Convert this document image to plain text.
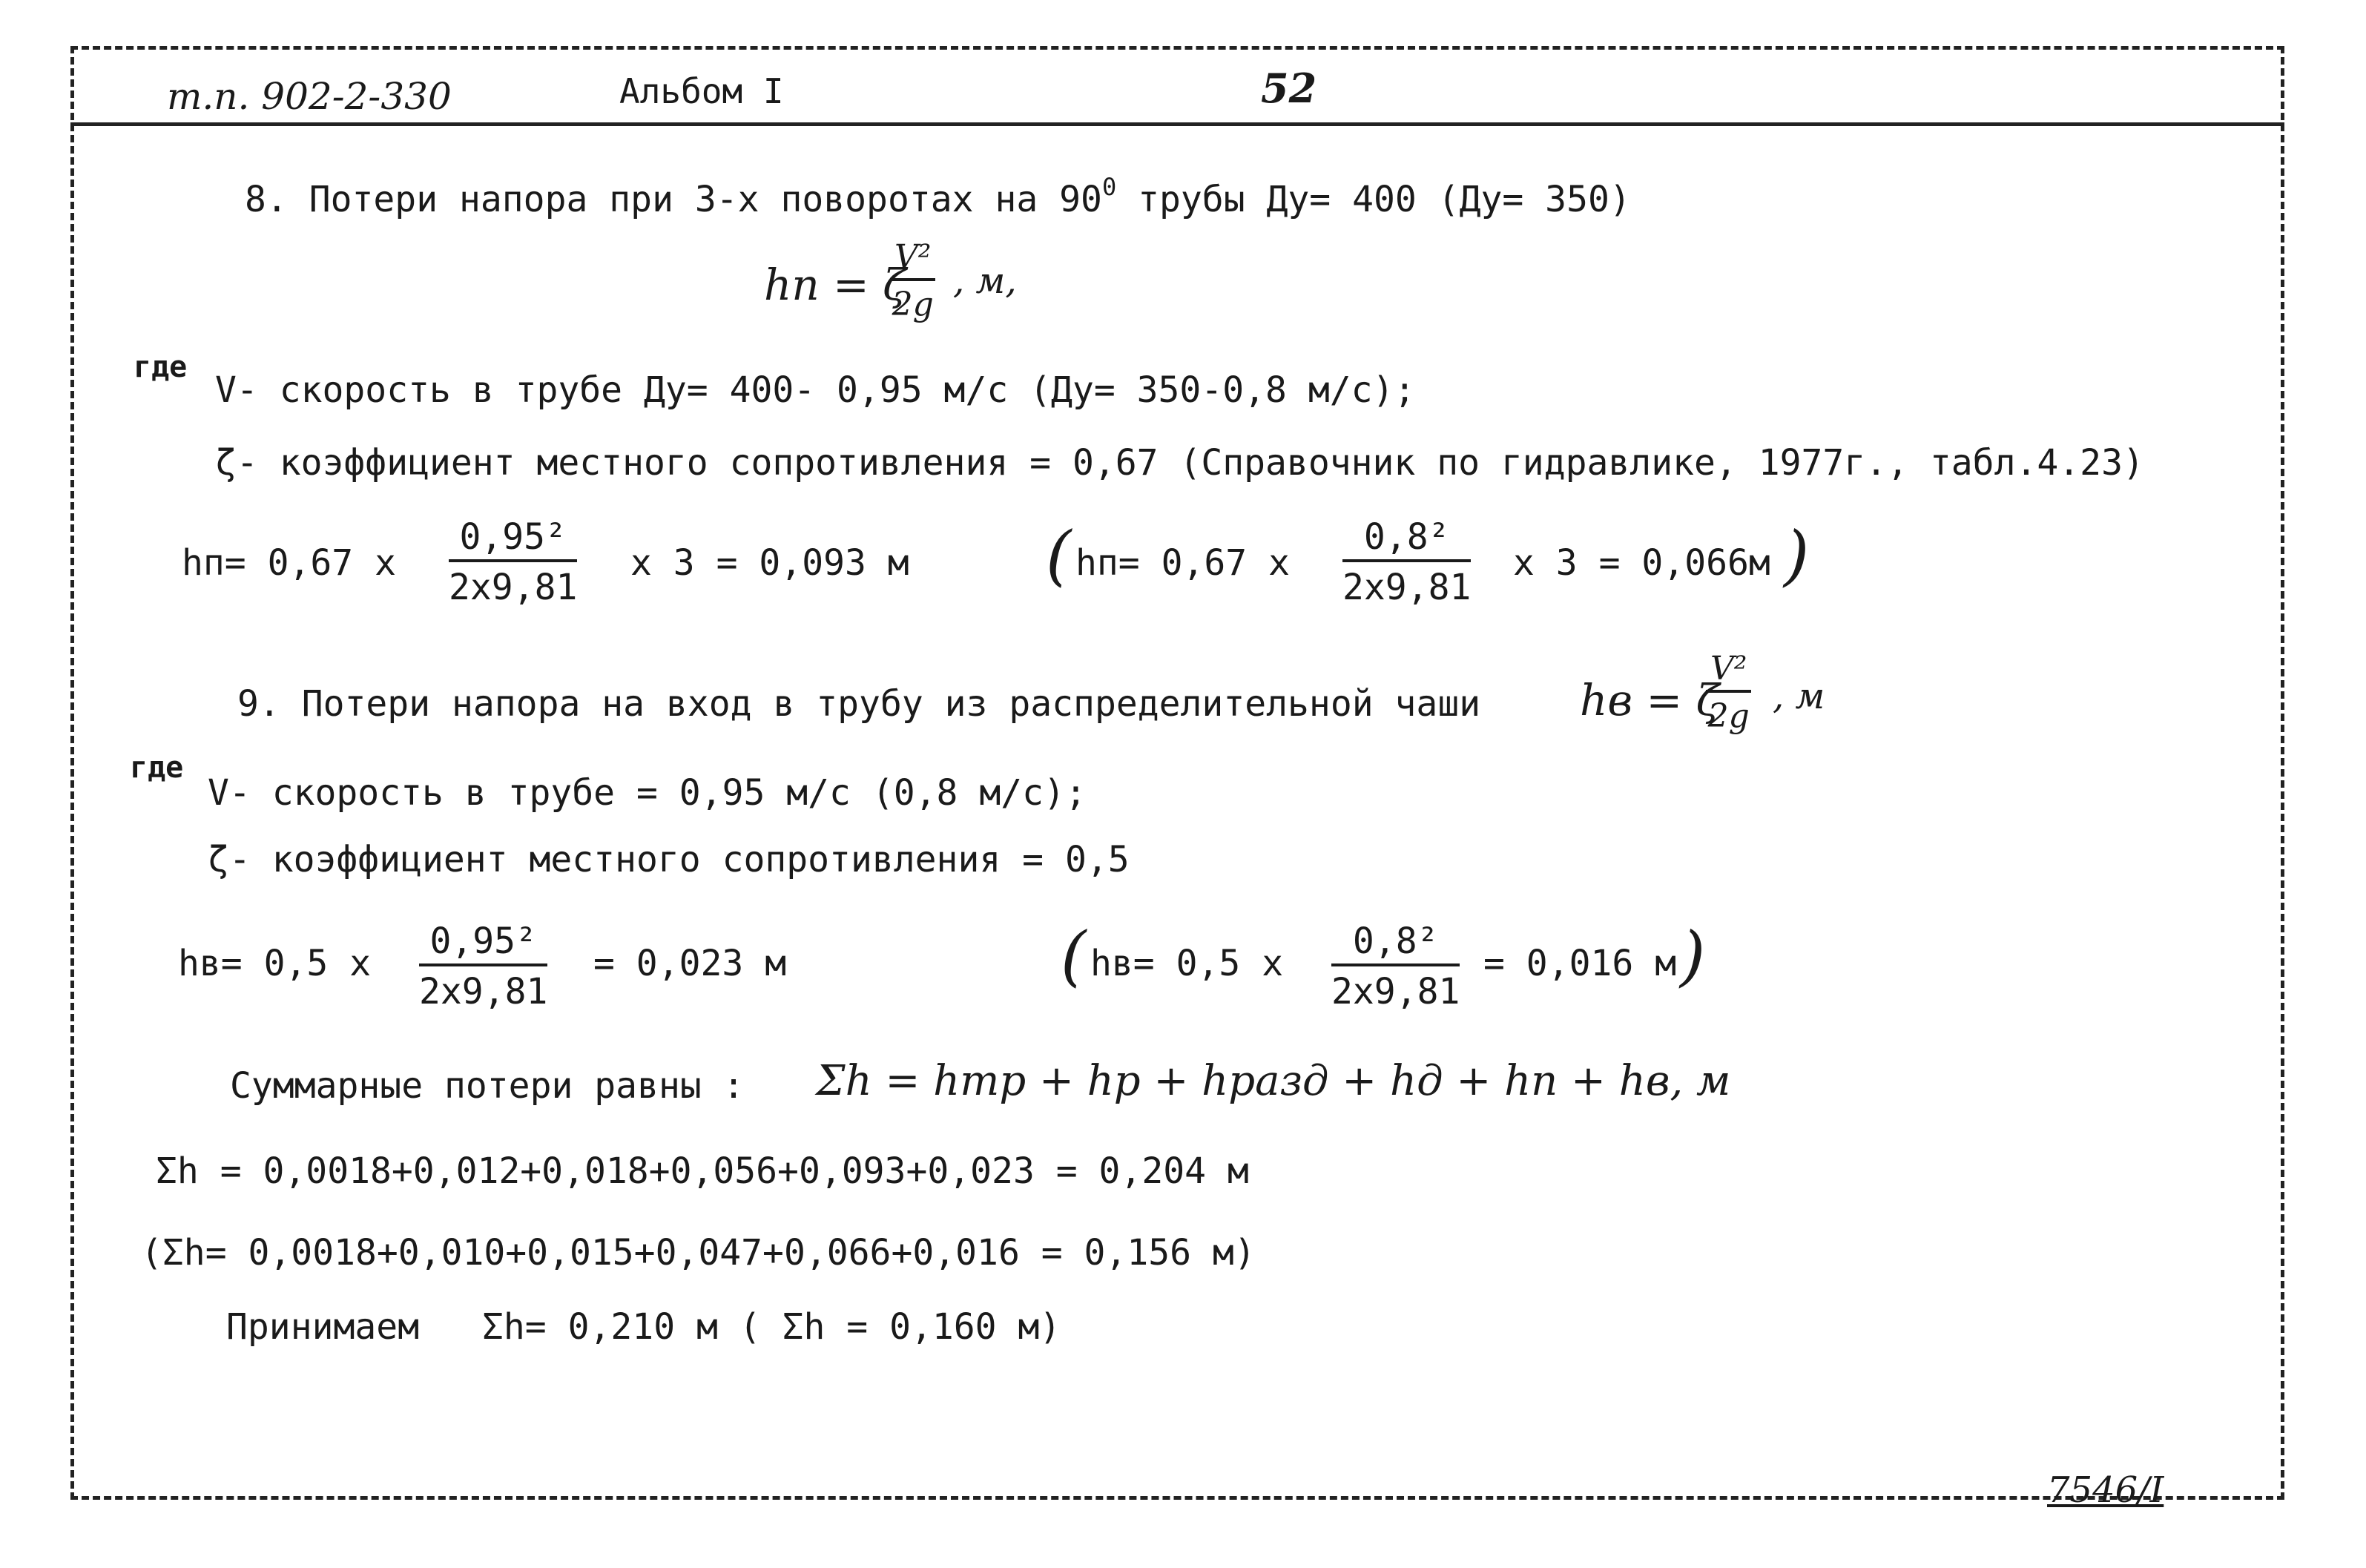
т.п. 902-2-330	Альбом I	52
8. Потери напора при 3-х поворотах на $90^0$ трубы Ду= 400 (Ду= 350)
hп = ζ
$\frac{\text{V²}}{2g}$ , м,
где
V- скорость в трубе Ду= 400- 0,95 м/с (Ду= 350-0,8 м/с);
ζ- коэффициент местного сопротивления = 0,67 (Справочник по гидравлике, 1977г., табл.4.23)
hп= 0,67 х
0,95²
2х9,81
х 3 = 0,093 м ( hп= 0,67 х
0,8²
2х9,81
х 3 = 0,066м )
9. Потери напора на вход в трубу из распределительной чаши hв = ζ
$\frac{\text{V²}}{2g}$ , м
где
V- скорость в трубе = 0,95 м/с (0,8 м/с);
ζ- коэффициент местного сопротивления = 0,5
hв= 0,5 х
0,95²
2х9,81
= 0,023 м	( hв= 0,5 х
0,8²
2х9,81
= 0,016 м )
Суммарные потери равны : Σh = hтр + hр + hразд + hд + hп + hв, м
Σh = 0,0018+0,012+0,018+0,056+0,093+0,023 = 0,204 м
(Σh= 0,0018+0,010+0,015+0,047+0,066+0,016 = 0,156 м)
Принимаем Σh= 0,210 м ( Σh = 0,160 м)
7546/I
